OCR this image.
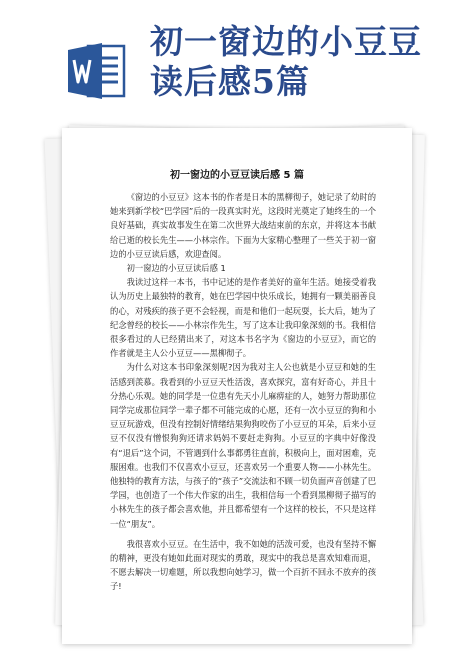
初一窗边的小豆豆读后感5篇
初一窗边的小豆豆读后感 5 篇

《窗边的小豆豆》这本书的作者是日本的黑柳彻子，她记录了幼时的她来到新学校“巴学园”后的一段真实时光，这段时光奠定了她终生的一个良好基础，真实故事发生在第二次世界大战结束前的东京，并将这本书献给已逝的校长先生——小林宗作。下面为大家精心整理了一些关于初一窗边的小豆豆读后感，欢迎查阅。

初一窗边的小豆豆读后感 1

我读过这样一本书，书中记述的是作者美好的童年生活。她接受着我认为历史上最独特的教育，她在巴学园中快乐成长，她拥有一颗美丽善良的心，对残疾的孩子更不会轻视，而是和他们一起玩耍，长大后，她为了纪念曾经的校长——小林宗作先生，写了这本让我印象深刻的书。我相信很多看过的人已经猜出来了，对这本书名字为《窗边的小豆豆》，而它的作者就是主人公小豆豆——黑柳彻子。

为什么对这本书印象深刻呢?因为我对主人公也就是小豆豆和她的生活感到羡慕。我看到的小豆豆天性活泼，喜欢探究，富有好奇心，并且十分热心乐观。她的同学是一位患有先天小儿麻痹症的人，她努力帮助那位同学完成那位同学一辈子都不可能完成的心愿，还有一次小豆豆的狗和小豆豆玩游戏，但没有控制好情绪结果狗狗咬伤了小豆豆的耳朵，后来小豆豆不仅没有憎恨狗狗还请求妈妈不要赶走狗狗。小豆豆的字典中好像没有“退后”这个词，不管遇到什么事都勇往直前，积极向上，面对困难，克服困难。也我们不仅喜欢小豆豆，还喜欢另一个重要人物——小林先生。他独特的教育方法，与孩子的“孩子”交流法和不顾一切负面声音创建了巴学园，也创造了一个伟大作家的出生，我相信每一个看到黑柳彻子描写的小林先生的孩子都会喜欢他，并且都希望有一个这样的校长，不只是这样一位“朋友”。

我很喜欢小豆豆。在生活中，我不如她的活泼可爱，也没有坚持不懈的精神，更没有她如此面对现实的勇敢，现实中的我总是喜欢知难而退，不愿去解决一切难题，所以我想向她学习，做一个百折不回永不放弃的孩子!
